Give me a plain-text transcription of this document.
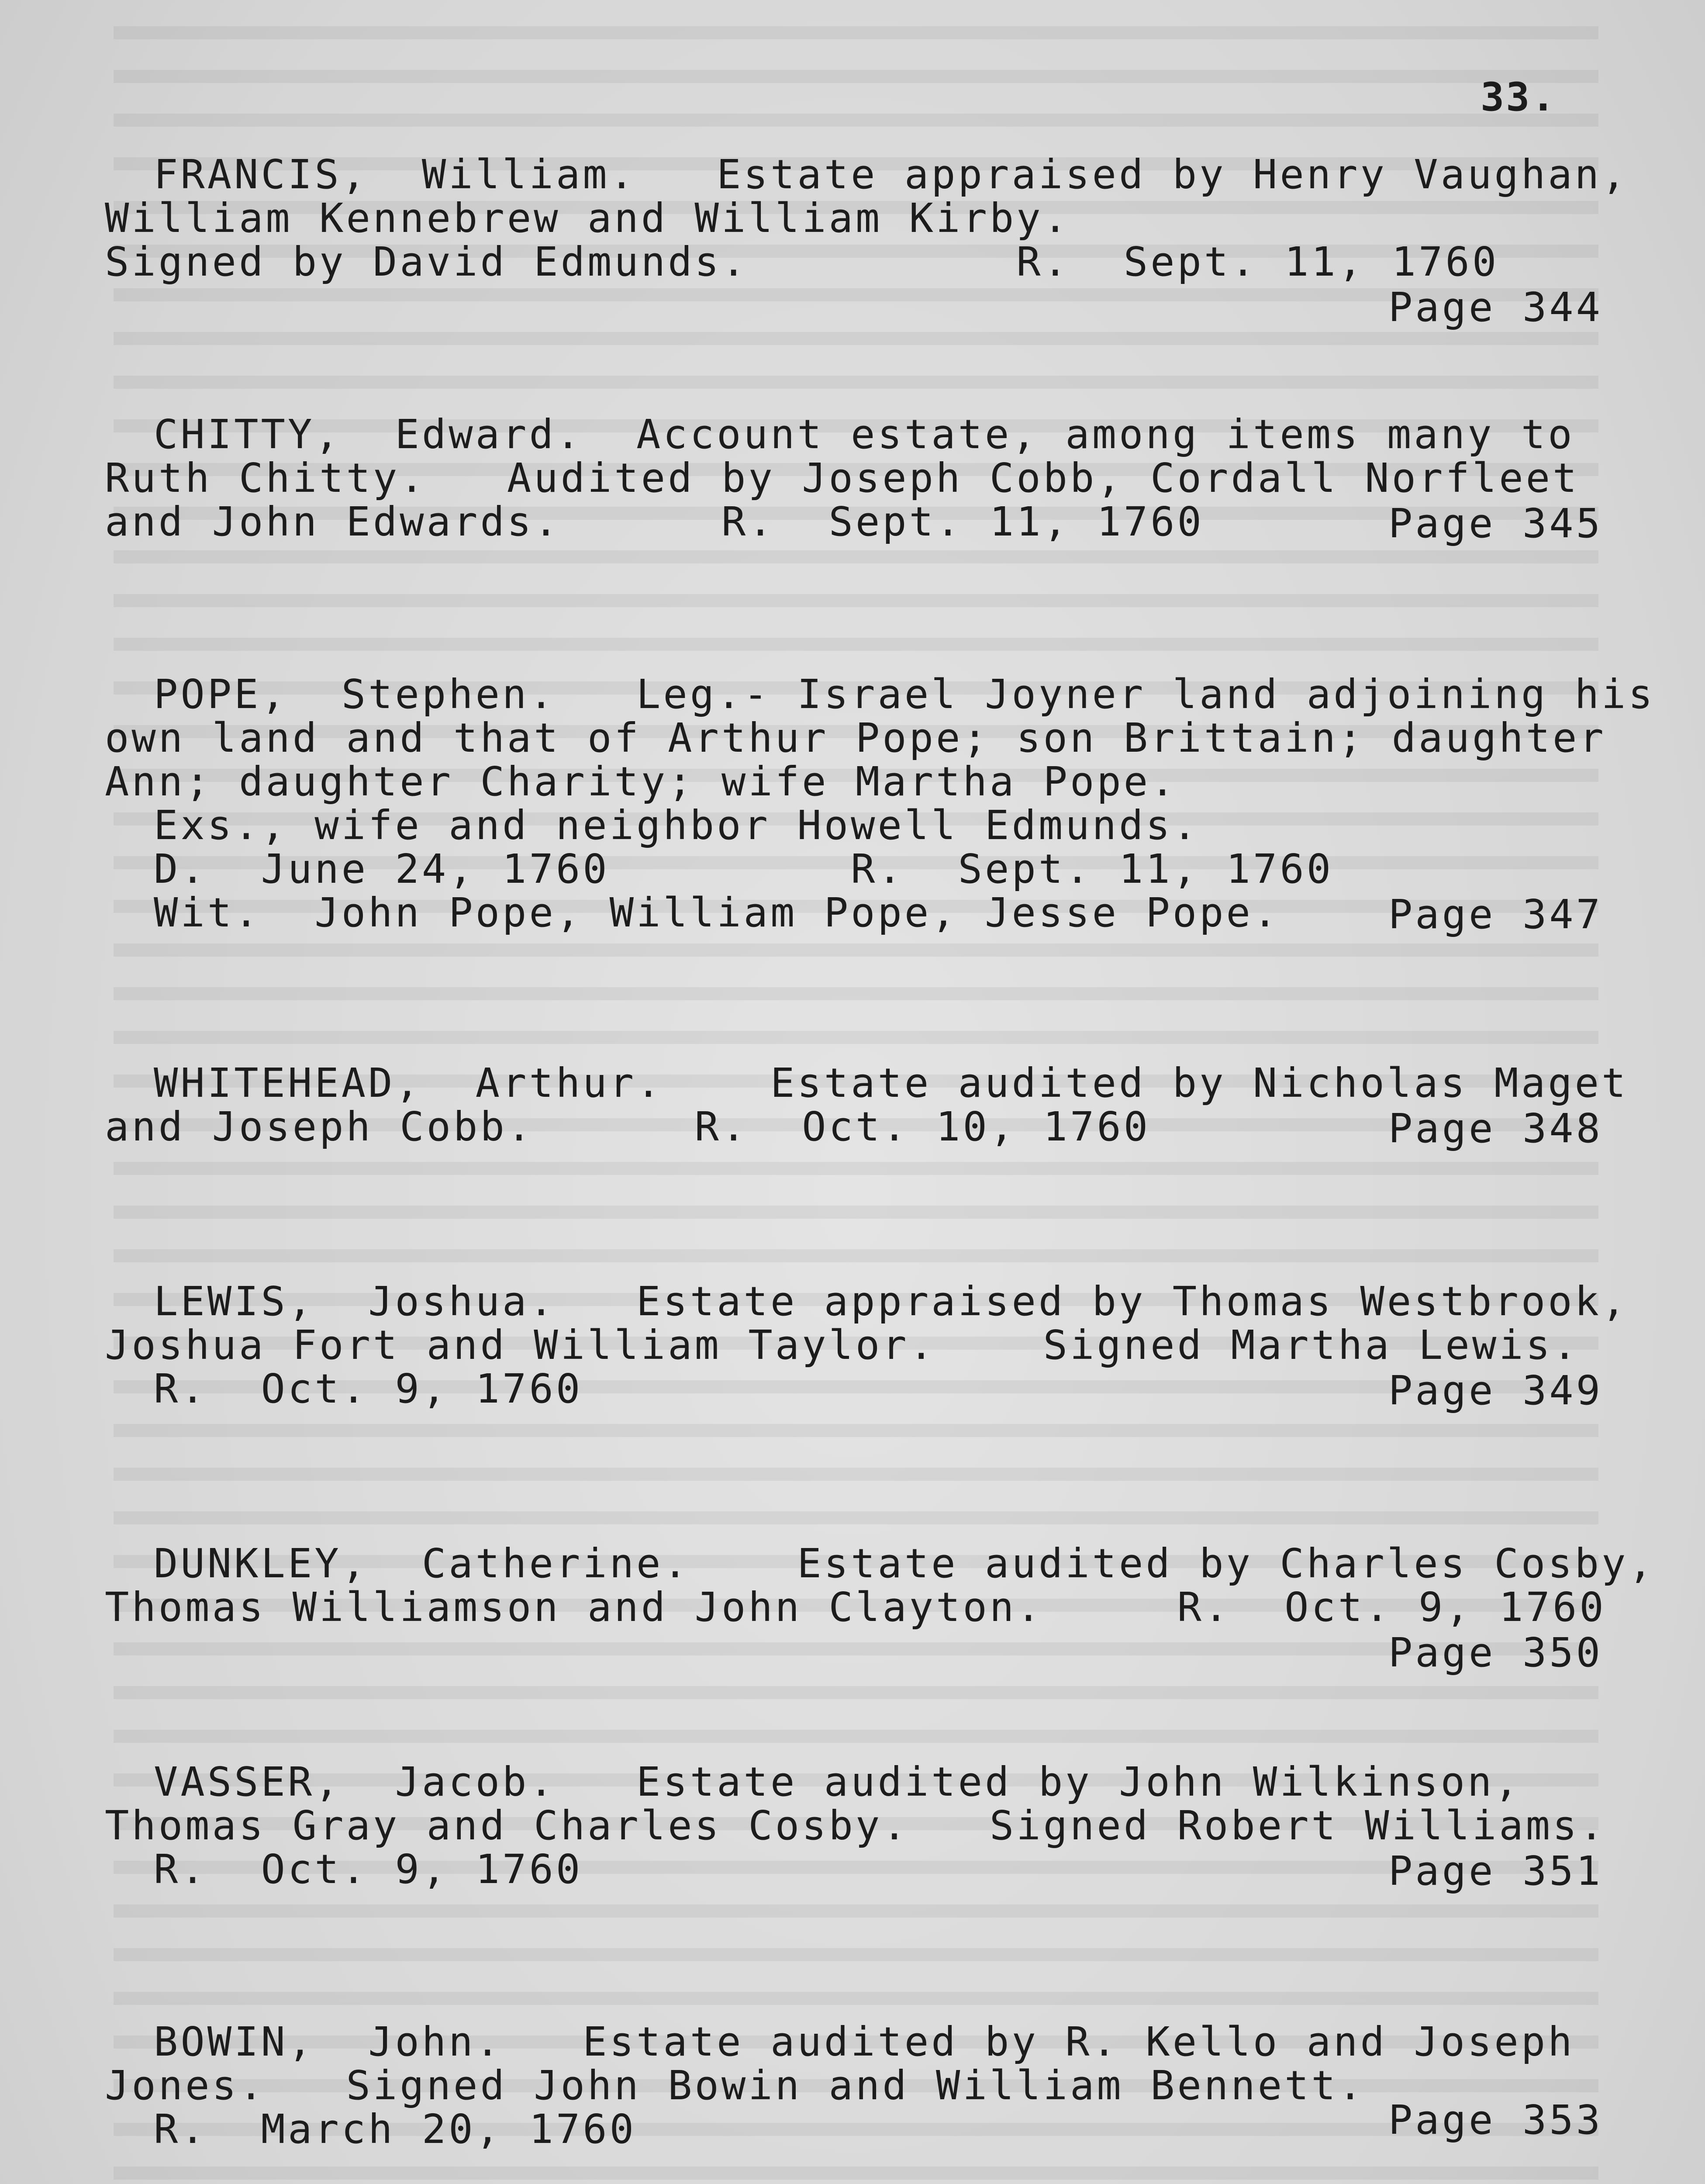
33.
FRANCIS,  William.   Estate appraised by Henry Vaughan,
William Kennebrew and William Kirby.
Signed by David Edmunds.          R.  Sept. 11, 1760
Page 344
CHITTY,  Edward.  Account estate, among items many to
Ruth Chitty.   Audited by Joseph Cobb, Cordall Norfleet
and John Edwards.      R.  Sept. 11, 1760	Page 345
POPE,  Stephen.   Leg.- Israel Joyner land adjoining his
own land and that of Arthur Pope; son Brittain; daughter
Ann; daughter Charity; wife Martha Pope.
Exs., wife and neighbor Howell Edmunds.
D.  June 24, 1760         R.  Sept. 11, 1760
Wit.  John Pope, William Pope, Jesse Pope.	Page 347
WHITEHEAD,  Arthur.    Estate audited by Nicholas Maget
and Joseph Cobb.      R.  Oct. 10, 1760	Page 348
LEWIS,  Joshua.   Estate appraised by Thomas Westbrook,
Joshua Fort and William Taylor.    Signed Martha Lewis.
R.  Oct. 9, 1760	Page 349
DUNKLEY,  Catherine.    Estate audited by Charles Cosby,
Thomas Williamson and John Clayton.     R.  Oct. 9, 1760
Page 350
VASSER,  Jacob.   Estate audited by John Wilkinson,
Thomas Gray and Charles Cosby.   Signed Robert Williams.
R.  Oct. 9, 1760	Page 351
BOWIN,  John.   Estate audited by R. Kello and Joseph
Jones.   Signed John Bowin and William Bennett.
R.  March 20, 1760	Page 353
